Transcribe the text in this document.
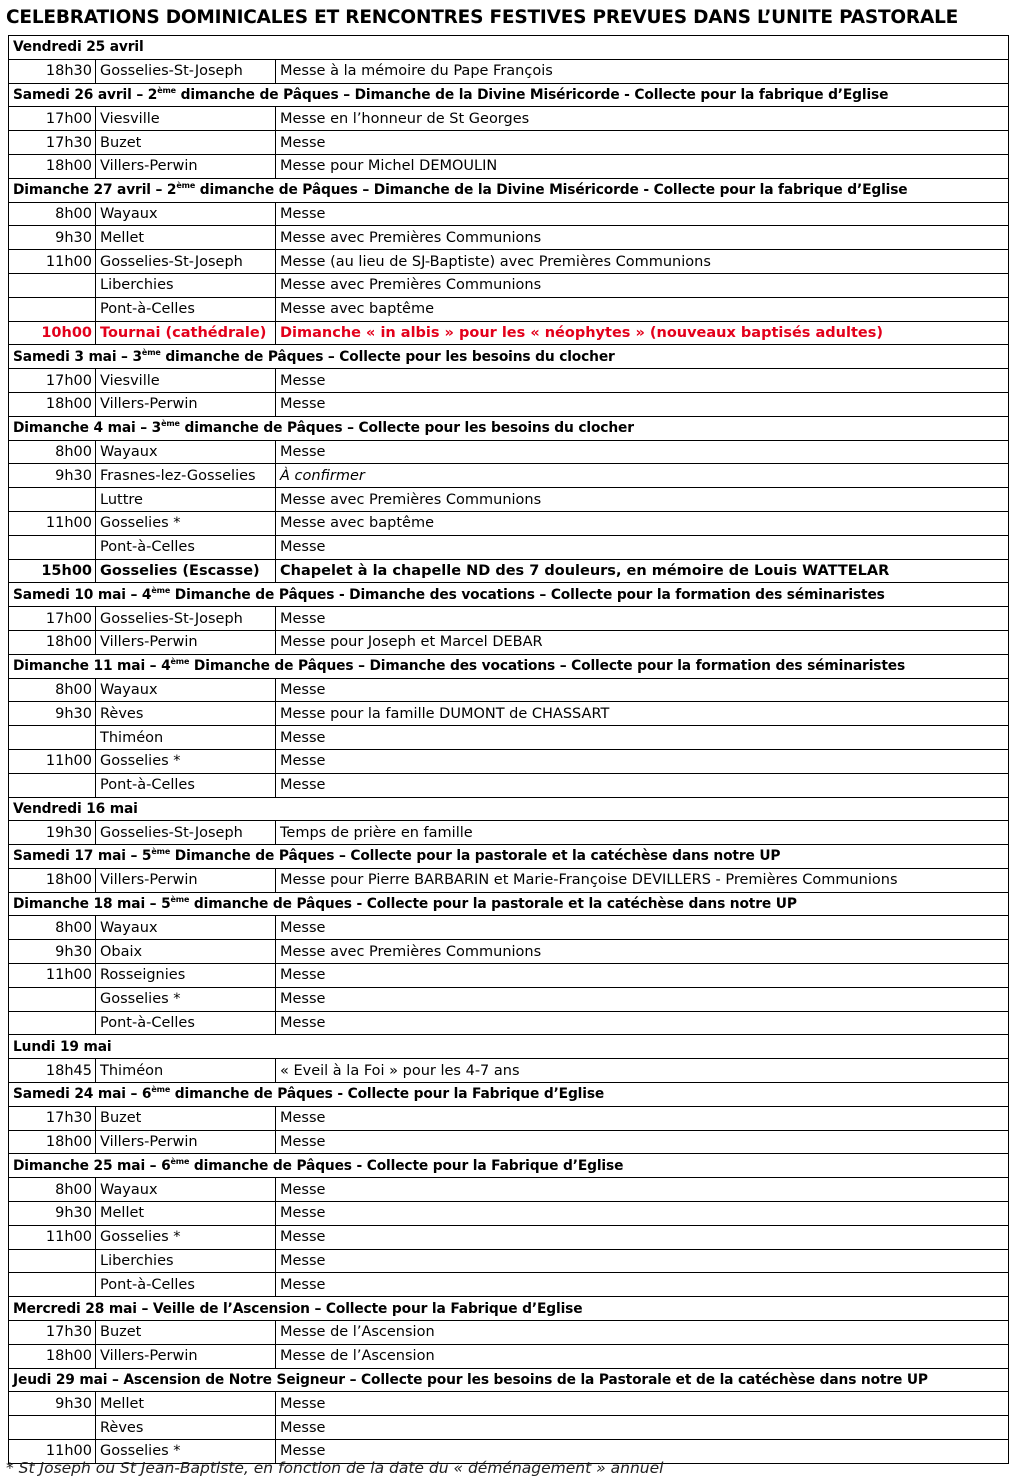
CELEBRATIONS DOMINICALES ET RENCONTRES FESTIVES PREVUES DANS L’UNITE PASTORALE
Vendredi 25 avril		
18h30	Gosselies-St-Joseph	Messe à la mémoire du Pape François
Samedi 26 avril – 2ème dimanche de Pâques – Dimanche de la Divine Miséricorde - Collecte pour la fabrique d’Eglise		
17h00	Viesville	Messe en l’honneur de St Georges
17h30	Buzet	Messe
18h00	Villers-Perwin	Messe pour Michel DEMOULIN
Dimanche 27 avril – 2ème dimanche de Pâques – Dimanche de la Divine Miséricorde - Collecte pour la fabrique d’Eglise		
8h00	Wayaux	Messe
9h30	Mellet	Messe avec Premières Communions
11h00	Gosselies-St-Joseph	Messe (au lieu de SJ-Baptiste) avec Premières Communions
	Liberchies	Messe avec Premières Communions
	Pont-à-Celles	Messe avec baptême
10h00	Tournai (cathédrale)	Dimanche « in albis » pour les « néophytes » (nouveaux baptisés adultes)
Samedi 3 mai – 3ème dimanche de Pâques – Collecte pour les besoins du clocher		
17h00	Viesville	Messe
18h00	Villers-Perwin	Messe
Dimanche 4 mai – 3ème dimanche de Pâques – Collecte pour les besoins du clocher		
8h00	Wayaux	Messe
9h30	Frasnes-lez-Gosselies	À confirmer
	Luttre	Messe avec Premières Communions
11h00	Gosselies *	Messe avec baptême
	Pont-à-Celles	Messe
15h00	Gosselies (Escasse)	Chapelet à la chapelle ND des 7 douleurs, en mémoire de Louis WATTELAR
Samedi 10 mai – 4ème Dimanche de Pâques - Dimanche des vocations – Collecte pour la formation des séminaristes		
17h00	Gosselies-St-Joseph	Messe
18h00	Villers-Perwin	Messe pour Joseph et Marcel DEBAR
Dimanche 11 mai – 4ème Dimanche de Pâques – Dimanche des vocations – Collecte pour la formation des séminaristes		
8h00	Wayaux	Messe
9h30	Rèves	Messe pour la famille DUMONT de CHASSART
	Thiméon	Messe
11h00	Gosselies *	Messe
	Pont-à-Celles	Messe
Vendredi 16 mai		
19h30	Gosselies-St-Joseph	Temps de prière en famille
Samedi 17 mai – 5ème Dimanche de Pâques – Collecte pour la pastorale et la catéchèse dans notre UP		
18h00	Villers-Perwin	Messe pour Pierre BARBARIN et Marie-Françoise DEVILLERS - Premières Communions
Dimanche 18 mai – 5ème dimanche de Pâques - Collecte pour la pastorale et la catéchèse dans notre UP		
8h00	Wayaux	Messe
9h30	Obaix	Messe avec Premières Communions
11h00	Rosseignies	Messe
	Gosselies *	Messe
	Pont-à-Celles	Messe
Lundi 19 mai		
18h45	Thiméon	« Eveil à la Foi » pour les 4-7 ans
Samedi 24 mai – 6ème dimanche de Pâques - Collecte pour la Fabrique d’Eglise		
17h30	Buzet	Messe
18h00	Villers-Perwin	Messe
Dimanche 25 mai – 6ème dimanche de Pâques - Collecte pour la Fabrique d’Eglise		
8h00	Wayaux	Messe
9h30	Mellet	Messe
11h00	Gosselies *	Messe
	Liberchies	Messe
	Pont-à-Celles	Messe
Mercredi 28 mai – Veille de l’Ascension – Collecte pour la Fabrique d’Eglise		
17h30	Buzet	Messe de l’Ascension
18h00	Villers-Perwin	Messe de l’Ascension
Jeudi 29 mai – Ascension de Notre Seigneur – Collecte pour les besoins de la Pastorale et de la catéchèse dans notre UP		
9h30	Mellet	Messe
	Rèves	Messe
11h00	Gosselies *	Messe
* St Joseph ou St Jean-Baptiste, en fonction de la date du « déménagement » annuel
